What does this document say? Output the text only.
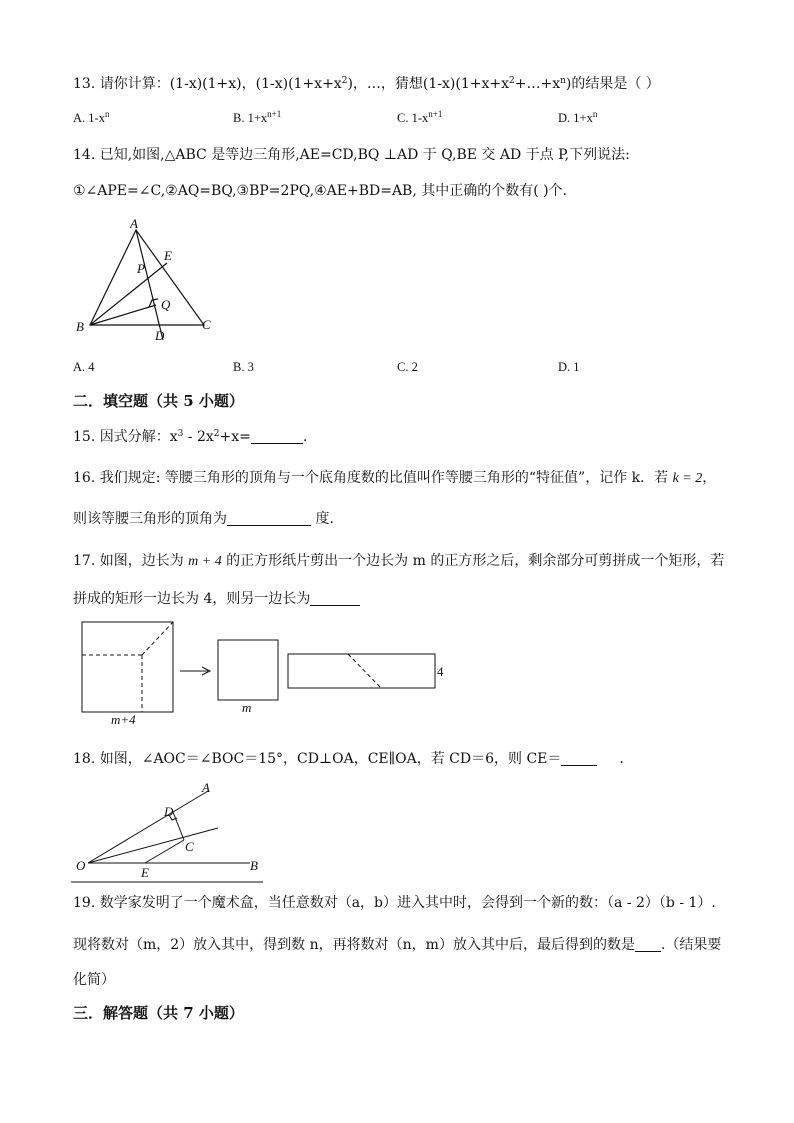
13. 请你计算：(1-x)(1+x)，$(1-x)(1+x+x^2)$，…，猜想$(1-x)(1+x+x^2+\dots+x^n)$的结果是（ ）
A. $1-x^n$	B. $1+x^{n+1}$	C. $1-x^{n+1}$	D. $1+x^n$
14. 已知,如图,△ABC 是等边三角形,AE=CD,BQ ⊥AD 于 Q,BE 交 AD 于点 P,下列说法:
①∠APE=∠C,②AQ=BQ,③BP=2PQ,④AE+BD=AB, 其中正确的个数有( )个.
A
E
P
Q
B
D
C
A. 4	B. 3	C. 2	D. 1
二．填空题（共 5 小题）
15. 因式分解：$x^3 - 2x^2+x=$	.
16. 我们规定: 等腰三角形的顶角与一个底角度数的比值叫作等腰三角形的“特征值”，记作 k．若 k = 2，
则该等腰三角形的顶角为	度.
17. 如图，边长为 m + 4 的正方形纸片剪出一个边长为 m 的正方形之后，剩余部分可剪拼成一个矩形，若
拼成的矩形一边长为 4，则另一边长为
m+4
m
4
18. 如图，∠AOC＝∠BOC＝15°，CD⊥OA，CE∥OA，若 CD＝6，则 CE＝	.
A
D
C
O	E	B
19. 数学家发明了一个魔术盒，当任意数对（a，b）进入其中时，会得到一个新的数：（a - 2）（b - 1）.
现将数对（m，2）放入其中，得到数 n，再将数对（n，m）放入其中后，最后得到的数是 .（结果要
化简）
三．解答题（共 7 小题）
